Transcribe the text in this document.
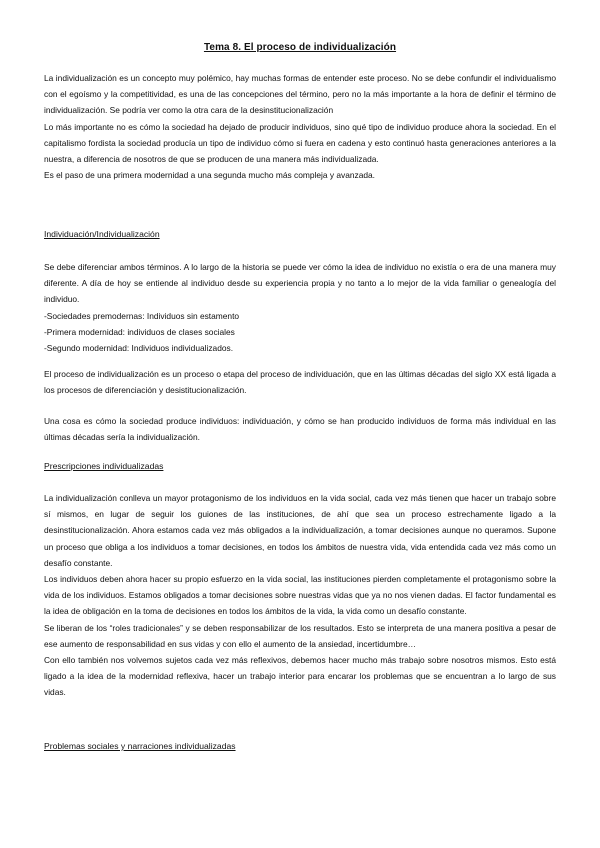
Tema 8. El proceso de individualización

La individualización es un concepto muy polémico, hay muchas formas de entender este proceso. No se debe confundir el individualismo con el egoísmo y la competitividad, es una de las concepciones del término, pero no la más importante a la hora de definir el término de individualización. Se podría ver como la otra cara de la desinstitucionalización

Lo más importante no es cómo la sociedad ha dejado de producir individuos, sino qué tipo de individuo produce ahora la sociedad. En el capitalismo fordista la sociedad producía un tipo de individuo cómo si fuera en cadena y esto continuó hasta generaciones anteriores a la nuestra, a diferencia de nosotros de que se producen de una manera más individualizada.

Es el paso de una primera modernidad a una segunda mucho más compleja y avanzada.

Individuación/Individualización

Se debe diferenciar ambos términos. A lo largo de la historia se puede ver cómo la idea de individuo no existía o era de una manera muy diferente. A día de hoy se entiende al individuo desde su experiencia propia y no tanto a lo mejor de la vida familiar o genealogía del individuo.

-Sociedades premodernas: Individuos sin estamento

-Primera modernidad: individuos de clases sociales

-Segundo modernidad: Individuos individualizados.

El proceso de individualización es un proceso o etapa del proceso de individuación, que en las últimas décadas del siglo XX está ligada a los procesos de diferenciación y desistitucionalización.

Una cosa es cómo la sociedad produce individuos: individuación, y cómo se han producido individuos de forma más individual en las últimas décadas sería la individualización.

Prescripciones individualizadas

La individualización conlleva un mayor protagonismo de los individuos en la vida social, cada vez más tienen que hacer un trabajo sobre sí mismos, en lugar de seguir los guiones de las instituciones, de ahí que sea un proceso estrechamente ligado a la desinstitucionalización. Ahora estamos cada vez más obligados a la individualización, a tomar decisiones aunque no queramos. Supone un proceso que obliga a los individuos a tomar decisiones, en todos los ámbitos de nuestra vida, vida entendida cada vez más como un desafío constante.

Los individuos deben ahora hacer su propio esfuerzo en la vida social, las instituciones pierden completamente el protagonismo sobre la vida de los individuos. Estamos obligados a tomar decisiones sobre nuestras vidas que ya no nos vienen dadas. El factor fundamental es la idea de obligación en la toma de decisiones en todos los ámbitos de la vida, la vida como un desafío constante.

Se liberan de los “roles tradicionales” y se deben responsabilizar de los resultados. Esto se interpreta de una manera positiva a pesar de ese aumento de responsabilidad en sus vidas y con ello el aumento de la ansiedad, incertidumbre…

Con ello también nos volvemos sujetos cada vez más reflexivos, debemos hacer mucho más trabajo sobre nosotros mismos. Esto está ligado a la idea de la modernidad reflexiva, hacer un trabajo interior para encarar los problemas que se encuentran a lo largo de sus vidas.

Problemas sociales y narraciones individualizadas
